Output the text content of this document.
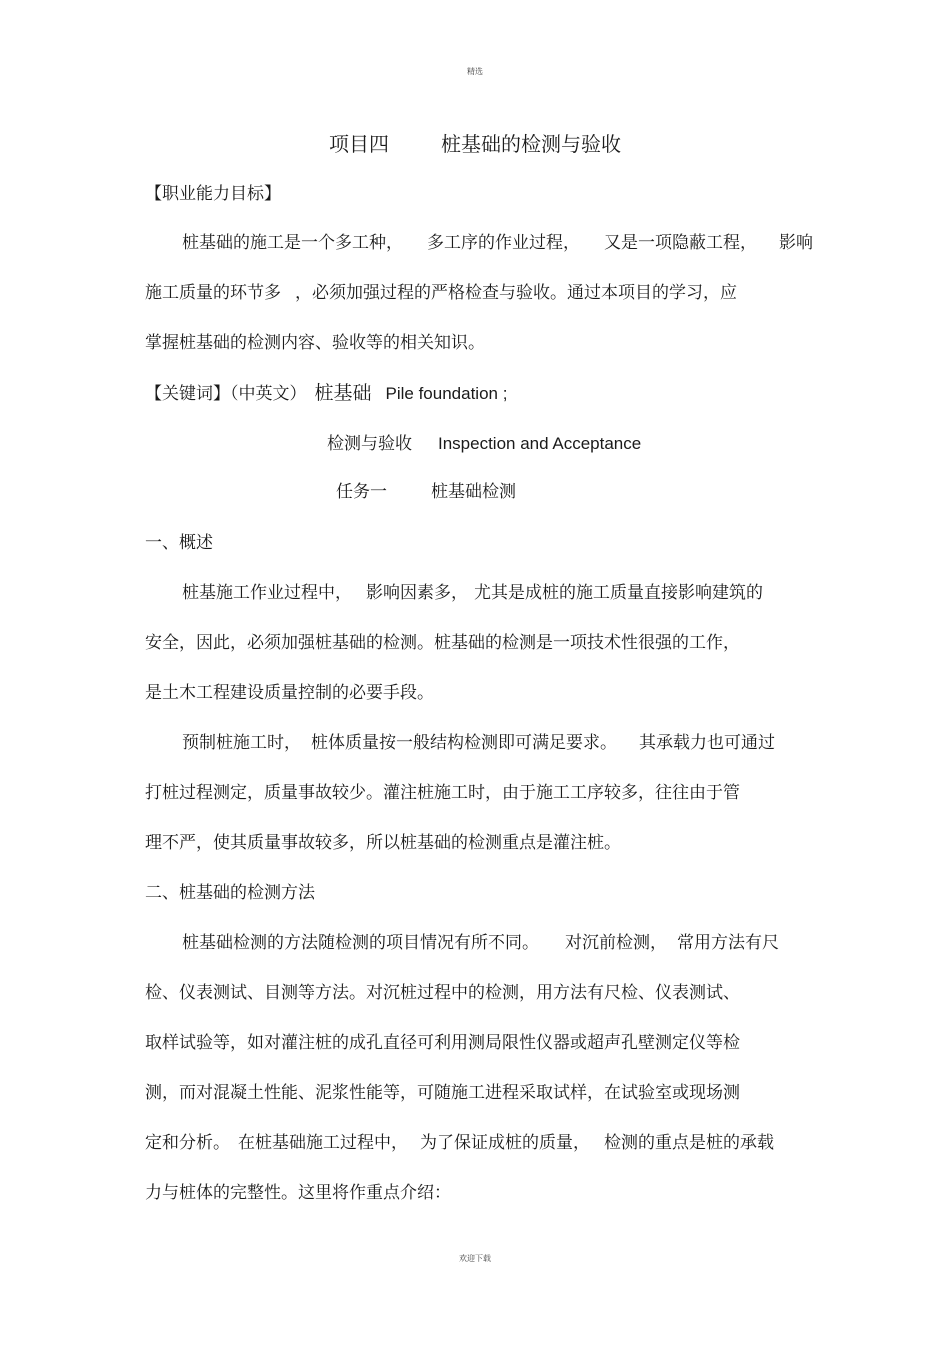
精选
项目四	桩基础的检测与验收
【职业能力目标】
桩基础的施工是一个多工种， 多工序的作业过程， 又是一项隐蔽工程， 影响
施工质量的环节多 ，必须加强过程的严格检查与验收。通过本项目的学习，应
掌握桩基础的检测内容、验收等的相关知识。
【关键词】（中英文） 桩基础 Pile foundation ;
检测与验收 Inspection and Acceptance
任务一	桩基础检测
一、概述
桩基施工作业过程中， 影响因素多， 尤其是成桩的施工质量直接影响建筑的
安全，因此，必须加强桩基础的检测。桩基础的检测是一项技术性很强的工作，
是土木工程建设质量控制的必要手段。
预制桩施工时， 桩体质量按一般结构检测即可满足要求。 其承载力也可通过
打桩过程测定，质量事故较少。灌注桩施工时，由于施工工序较多，往往由于管
理不严，使其质量事故较多，所以桩基础的检测重点是灌注桩。
二、桩基础的检测方法
桩基础检测的方法随检测的项目情况有所不同。 对沉前检测， 常用方法有尺
检、仪表测试、目测等方法。对沉桩过程中的检测，用方法有尺检、仪表测试、
取样试验等，如对灌注桩的成孔直径可利用测局限性仪器或超声孔壁测定仪等检
测，而对混凝土性能、泥浆性能等，可随施工进程采取试样，在试验室或现场测
定和分析。 在桩基础施工过程中， 为了保证成桩的质量， 检测的重点是桩的承载
力与桩体的完整性。这里将作重点介绍：
欢迎下载
